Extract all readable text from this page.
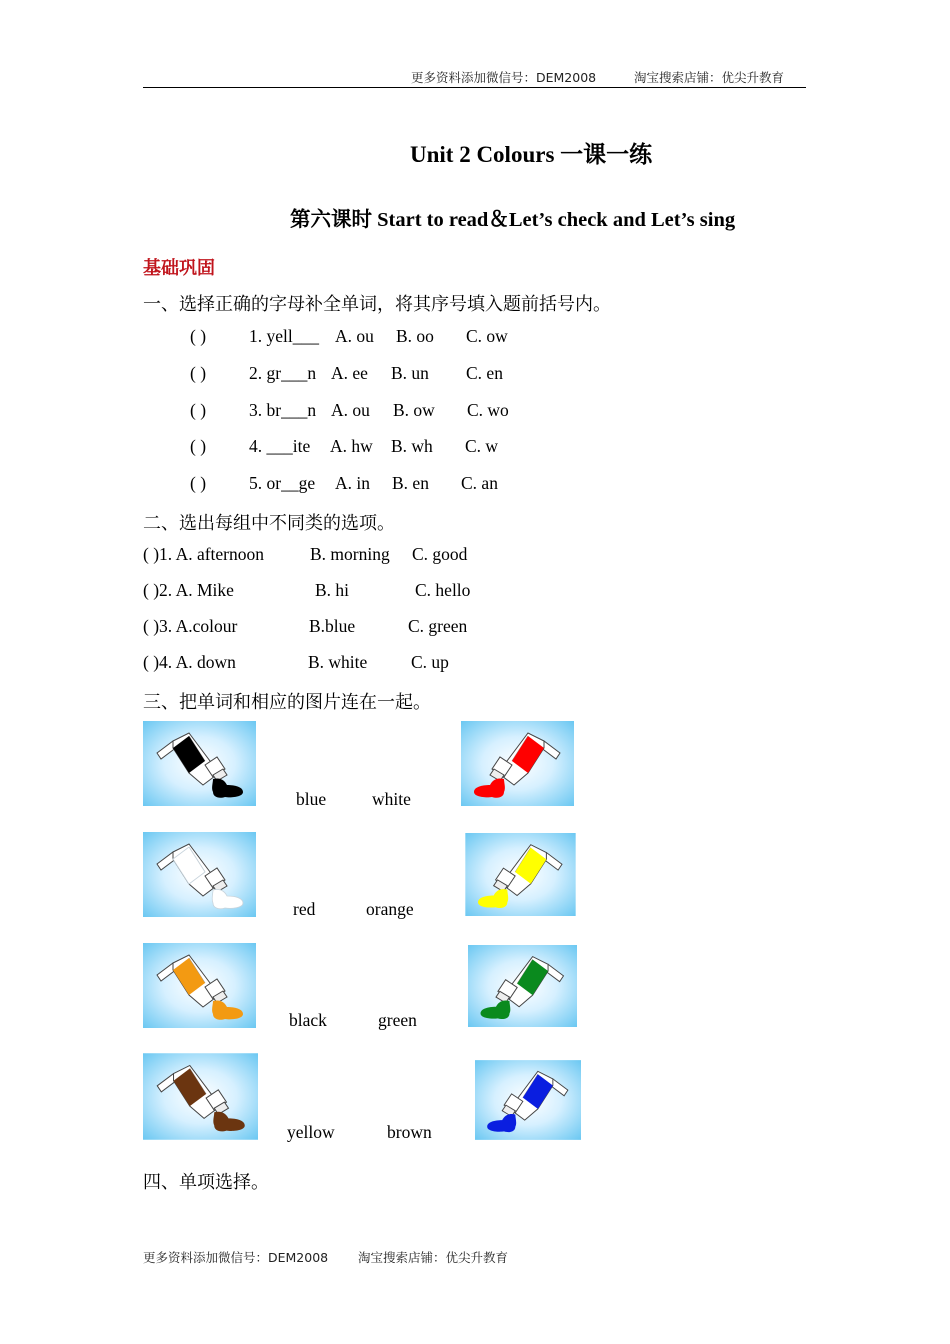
更多资料添加微信号：DEM2008	淘宝搜索店铺：优尖升教育
Unit 2 Colours 一课一练
第六课时 Start to read＆Let’s check and Let’s sing
基础巩固
一、选择正确的字母补全单词，将其序号填入题前括号内。
( ) 1. yell___ A. ou B. oo C. ow
( ) 2. gr___n A. ee B. un C. en
( ) 3. br___n A. ou B. ow C. wo
( ) 4. ___ite A. hw B. wh C. w
( ) 5. or__ge A. in B. en C. an
二、选出每组中不同类的选项。
( )1. A. afternoon	B. morning C. good
( )2. A. Mike	B. hi	C. hello
( )3. A.colour	B.blue	C. green
( )4. A. down	B. white C. up
三、把单词和相应的图片连在一起。
blue	white
red	orange
black	green
yellow	brown
四、单项选择。
更多资料添加微信号：DEM2008 淘宝搜索店铺：优尖升教育
